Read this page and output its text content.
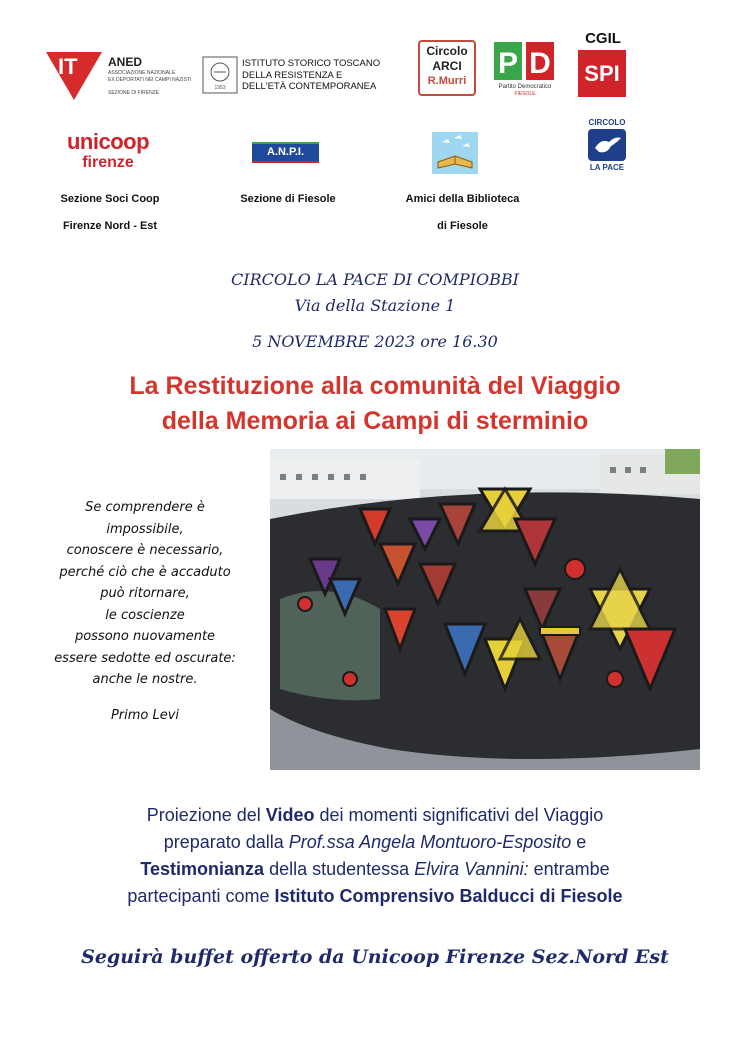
IT	ANED
ASSOCIAZIONE NAZIONALE
EX DEPORTATI NEI CAMPI NAZISTI
SEZIONE DI FIRENZE
1953
ISTITUTO STORICO TOSCANO
DELLA RESISTENZA E
DELL'ETÀ CONTEMPORANEA
Circolo
ARCI
R.Murri
P D
Partito Democratico
FIESOLE
CGIL
SPI
unicoop
firenze
A.N.P.I.
CIRCOLO
LA PACE
Sezione Soci Coop
Firenze Nord - Est
Sezione di Fiesole	Amici della Biblioteca
di Fiesole
CIRCOLO LA PACE DI COMPIOBBI
Via della Stazione 1
5 NOVEMBRE 2023 ore 16.30
La Restituzione alla comunità del Viaggio
della Memoria ai Campi di sterminio
Se comprendere è
impossibile,
conoscere è necessario,
perché ciò che è accaduto
può ritornare,
le coscienze
possono nuovamente
essere sedotte ed oscurate:
anche le nostre.
Primo Levi
Proiezione del Video dei momenti significativi del Viaggio
preparato dalla Prof.ssa Angela Montuoro-Esposito e
Testimonianza della studentessa Elvira Vannini: entrambe
partecipanti come Istituto Comprensivo Balducci di Fiesole
Seguirà buffet offerto da Unicoop Firenze Sez.Nord Est
